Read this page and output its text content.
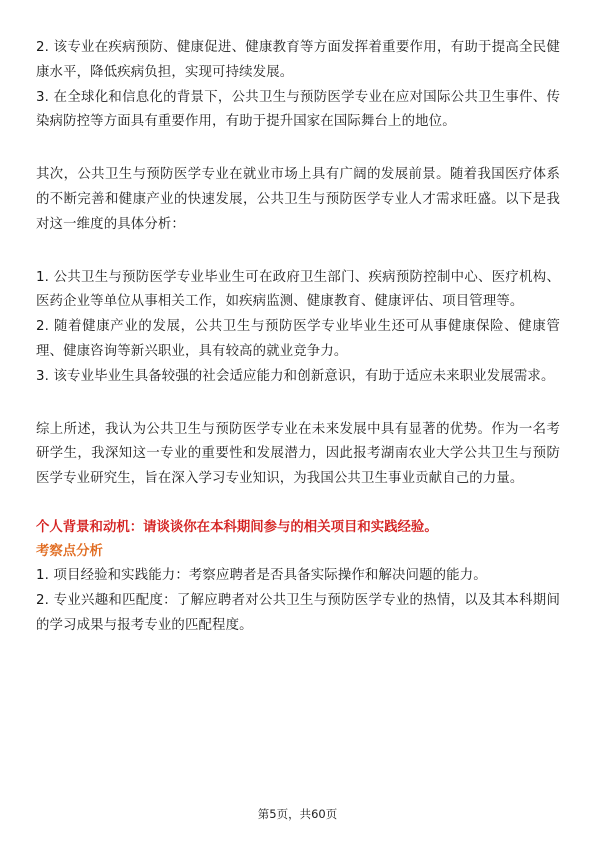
2. 该专业在疾病预防、健康促进、健康教育等方面发挥着重要作用，有助于提高全民健康水平，降低疾病负担，实现可持续发展。

3. 在全球化和信息化的背景下，公共卫生与预防医学专业在应对国际公共卫生事件、传染病防控等方面具有重要作用，有助于提升国家在国际舞台上的地位。

其次，公共卫生与预防医学专业在就业市场上具有广阔的发展前景。随着我国医疗体系的不断完善和健康产业的快速发展，公共卫生与预防医学专业人才需求旺盛。以下是我对这一维度的具体分析：

1. 公共卫生与预防医学专业毕业生可在政府卫生部门、疾病预防控制中心、医疗机构、医药企业等单位从事相关工作，如疾病监测、健康教育、健康评估、项目管理等。

2. 随着健康产业的发展，公共卫生与预防医学专业毕业生还可从事健康保险、健康管理、健康咨询等新兴职业，具有较高的就业竞争力。

3. 该专业毕业生具备较强的社会适应能力和创新意识，有助于适应未来职业发展需求。

综上所述，我认为公共卫生与预防医学专业在未来发展中具有显著的优势。作为一名考研学生，我深知这一专业的重要性和发展潜力，因此报考湖南农业大学公共卫生与预防医学专业研究生，旨在深入学习专业知识，为我国公共卫生事业贡献自己的力量。

个人背景和动机：请谈谈你在本科期间参与的相关项目和实践经验。
考察点分析

1. 项目经验和实践能力：考察应聘者是否具备实际操作和解决问题的能力。

2. 专业兴趣和匹配度：了解应聘者对公共卫生与预防医学专业的热情，以及其本科期间的学习成果与报考专业的匹配程度。

第5页，共60页
